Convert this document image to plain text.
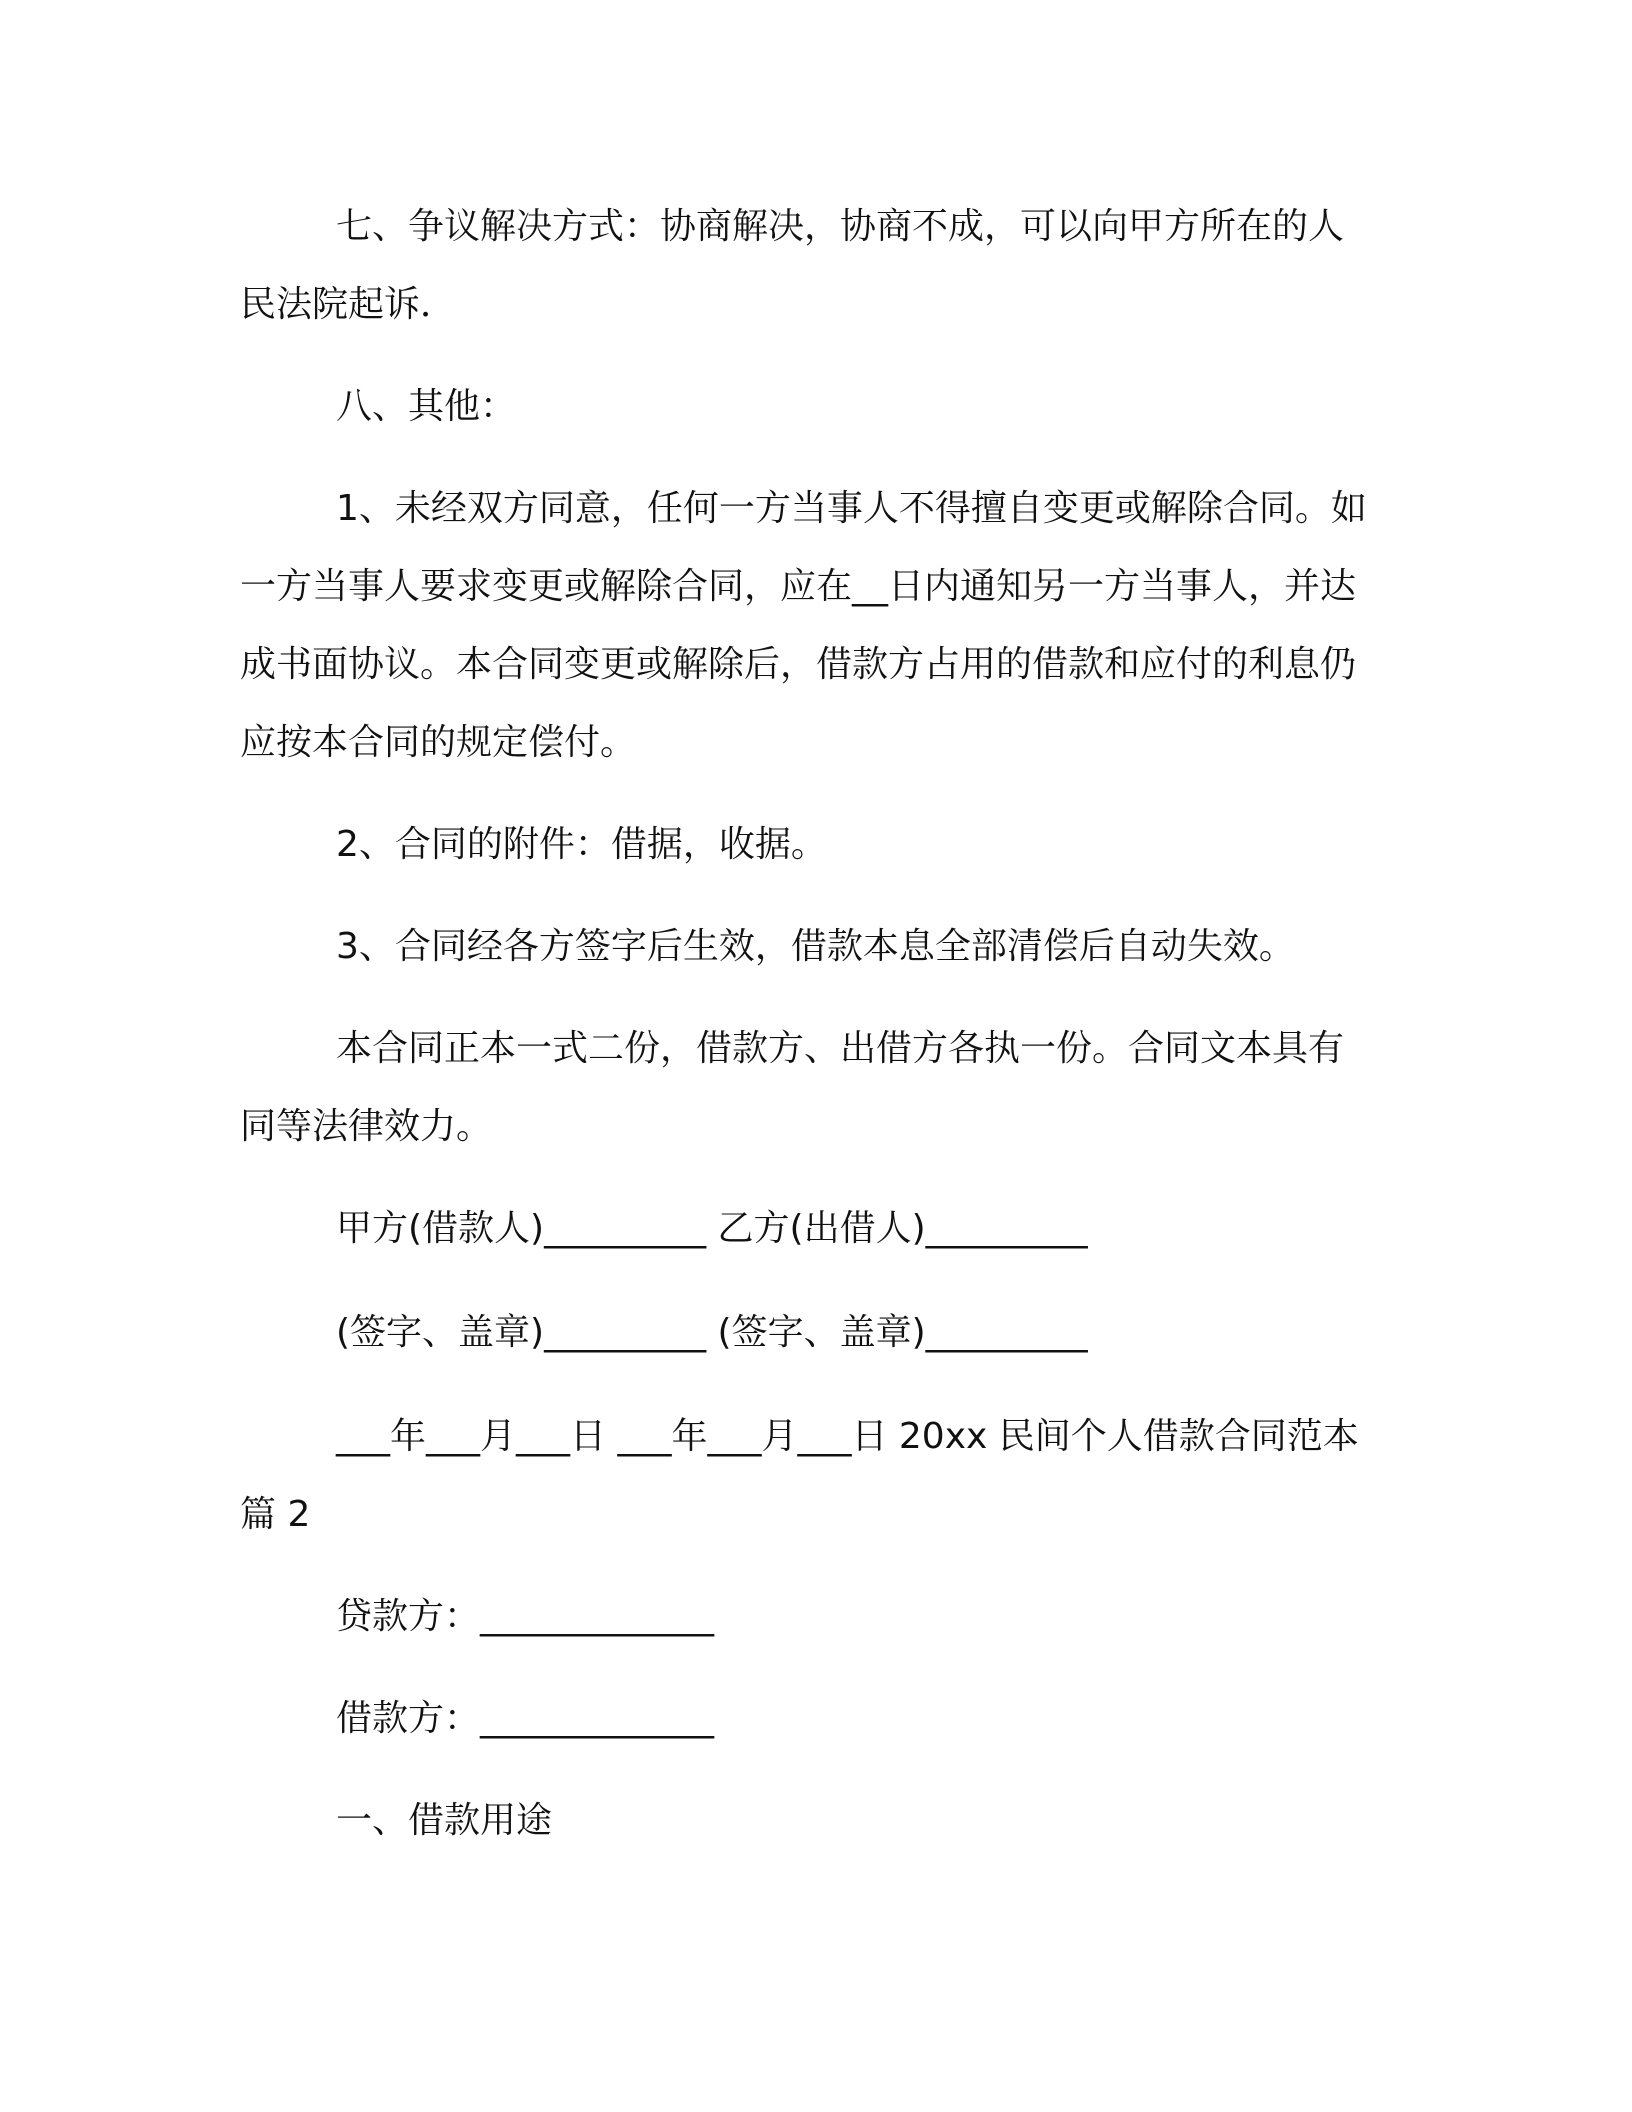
七、争议解决方式：协商解决，协商不成，可以向甲方所在的人民法院起诉．

八、其他：

1、未经双方同意，任何一方当事人不得擅自变更或解除合同。如一方当事人要求变更或解除合同，应在__日内通知另一方当事人，并达成书面协议。本合同变更或解除后，借款方占用的借款和应付的利息仍应按本合同的规定偿付。

2、合同的附件：借据，收据。

3、合同经各方签字后生效，借款本息全部清偿后自动失效。

本合同正本一式二份，借款方、出借方各执一份。合同文本具有同等法律效力。

甲方(借款人)_________ 乙方(出借人)_________
(签字、盖章)_________ (签字、盖章)_________

___年___月___日 ___年___月___日 20xx 民间个人借款合同范本 篇 2

贷款方：_____________

借款方：_____________

一、借款用途
